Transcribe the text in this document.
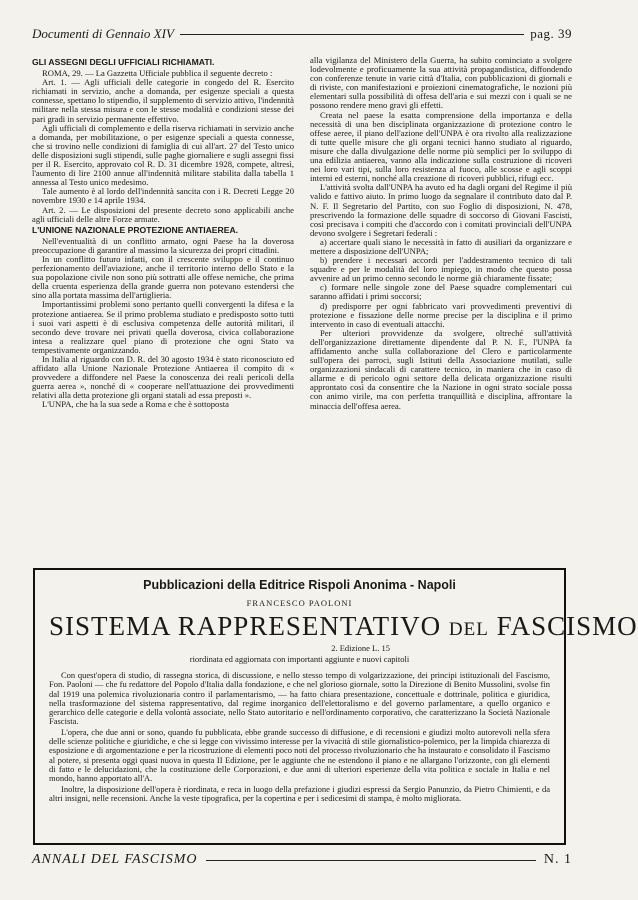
Documenti di Gennaio XIV	pag. 39

GLI ASSEGNI DEGLI UFFICIALI RICHIAMATI.

ROMA, 29. — La Gazzetta Ufficiale pubblica il seguente decreto :

Art. 1. — Agli ufficiali delle categorie in congedo del R. Esercito richiamati in servizio, anche a domanda, per esigenze speciali a questa connesse, spettano lo stipendio, il supplemento di servizio attivo, l'indennità militare nella stessa misura e con le stesse modalità e condizioni stesse dei pari gradi in servizio permanente effettivo.

Agli ufficiali di complemento e della riserva richiamati in servizio anche a domanda, per mobilitazione, o per esigenze speciali a questa connesse, che si trovino nelle condizioni di famiglia di cui all'art. 27 del Testo unico delle disposizioni sugli stipendi, sulle paghe giornaliere e sugli assegni fissi per il R. Esercito, approvato col R. D. 31 dicembre 1928, compete, altresì, l'aumento di lire 2100 annue all'indennità militare stabilita dalla tabella 1 annessa al Testo unico medesimo.

Tale aumento è al lordo dell'indennità sancita con i R. Decreti Legge 20 novembre 1930 e 14 aprile 1934.

Art. 2. — Le disposizioni del presente decreto sono applicabili anche agli ufficiali delle altre Forze armate.

L'UNIONE NAZIONALE PROTEZIONE ANTIAEREA.

Nell'eventualità di un conflitto armato, ogni Paese ha la doverosa preoccupazione di garantire al massimo la sicurezza dei propri cittadini.

In un conflitto futuro infatti, con il crescente sviluppo e il continuo perfezionamento dell'aviazione, anche il territorio interno dello Stato e la sua popolazione civile non sono più sottratti alle offese nemiche, che prima della cruenta esperienza della grande guerra non potevano estendersi che sino alla portata massima dell'artiglieria.

Importantissimi problemi sono pertanto quelli convergenti la difesa e la protezione antiaerea. Se il primo problema studiato e predisposto sotto tutti i suoi vari aspetti è di esclusiva competenza delle autorità militari, il secondo deve trovare nei privati quella doverosa, civica collaborazione intesa a realizzare quel piano di protezione che ogni Stato va tempestivamente organizzando.

In Italia al riguardo con D. R. del 30 agosto 1934 è stato riconosciuto ed affidato alla Unione Nazionale Protezione Antiaerea il compito di « provvedere a diffondere nel Paese la conoscenza dei reali pericoli della guerra aerea », nonché di « cooperare nell'attuazione dei provvedimenti relativi alla detta protezione gli organi statali ad essa preposti ».

L'UNPA, che ha la sua sede a Roma e che è sottoposta

alla vigilanza del Ministero della Guerra, ha subito cominciato a svolgere lodevolmente e proficuamente la sua attività propagandistica, diffondendo con conferenze tenute in varie città d'Italia, con pubblicazioni di giornali e di riviste, con manifestazioni e proiezioni cinematografiche, le nozioni più elementari sulla possibilità di offesa dell'aria e sui mezzi con i quali se ne possono rendere meno gravi gli effetti.

Creata nel paese la esatta comprensione della importanza e della necessità di una ben disciplinata organizzazione di protezione contro le offese aeree, il piano dell'azione dell'UNPA è ora rivolto alla realizzazione di tutte quelle misure che gli organi tecnici hanno studiato al riguardo, misure che dalla divulgazione delle norme più semplici per lo sviluppo di una edilizia antiaerea, vanno alla indicazione sulla costruzione di ricoveri nei loro vari tipi, sulla loro resistenza al fuoco, alle scosse e agli scoppi interni ed esterni, nonché alla creazione di ricoveri pubblici, rifugi ecc.

L'attività svolta dall'UNPA ha avuto ed ha dagli organi del Regime il più valido e fattivo aiuto. In primo luogo da segnalare il contributo dato dal P. N. F. Il Segretario del Partito, con suo Foglio di disposizioni, N. 478, prescrivendo la formazione delle squadre di soccorso di Giovani Fascisti, così precisava i compiti che d'accordo con i comitati provinciali dell'UNPA devono svolgere i Segretari federali :

a) accertare quali siano le necessità in fatto di ausiliari da organizzare e mettere a disposizione dell'UNPA;

b) prendere i necessari accordi per l'addestramento tecnico di tali squadre e per le modalità del loro impiego, in modo che questo possa avvenire ad un primo cenno secondo le norme già chiaramente fissate;

c) formare nelle singole zone del Paese squadre complementari cui saranno affidati i primi soccorsi;

d) predisporre per ogni fabbricato vari provvedimenti preventivi di protezione e fissazione delle norme precise per la disciplina e il primo intervento in caso di eventuali attacchi.

Per ulteriori provvidenze da svolgere, oltreché sull'attività dell'organizzazione direttamente dipendente dal P. N. F., l'UNPA fa affidamento anche sulla collaborazione del Clero e particolarmente sull'opera dei parroci, sugli Istituti della Associazione mutilati, sulle organizzazioni sindacali di carattere tecnico, in maniera che in caso di allarme e di pericolo ogni settore della delicata organizzazione risulti approntato così da consentire che la Nazione in ogni strato sociale possa con animo virile, ma con perfetta tranquillità e disciplina, affrontare la minaccia dell'offesa aerea.

Pubblicazioni della Editrice Rispoli Anonima - Napoli
FRANCESCO PAOLONI
SISTEMA RAPPRESENTATIVO DEL FASCISMO
2. Edizione L. 15
riordinata ed aggiornata con importanti aggiunte e nuovi capitoli

Con quest'opera di studio, di rassegna storica, di discussione, e nello stesso tempo di volgarizzazione, dei principi istituzionali del Fascismo, Fon. Paoloni — che fu redattore del Popolo d'Italia dalla fondazione, e che nel glorioso giornale, sotto la Direzione di Benito Mussolini, svolse fin dal 1919 una polemica rivoluzionaria contro il parlamentarismo, — ha fatto chiara presentazione, concettuale e dottrinale, politica e giuridica, nella trasformazione del sistema rappresentativo, dal regime inorganico dell'elettoralismo e del governo parlamentare, a quello organico e gerarchico delle categorie e della volontà associate, nello Stato autoritario e nell'ordinamento corporativo, che caratterizzano la Società Nazionale Fascista.

L'opera, che due anni or sono, quando fu pubblicata, ebbe grande successo di diffusione, e di recensioni e giudizi molto autorevoli nella sfera delle scienze politiche e giuridiche, e che si legge con vivissimo interesse per la vivacità di stile giornalistico-polemico, per la limpida chiarezza di esposizione e di argomentazione e per la ricostruzione di elementi poco noti del processo rivoluzionario che ha instaurato e consolidato il Fascismo al potere, si presenta oggi quasi nuova in questa II Edizione, per le aggiunte che ne estendono il piano e ne allargano l'orizzonte, con gli elementi di fatto e le delucidazioni, che la costituzione delle Corporazioni, e due anni di ulteriori esperienze della vita politica e sociale in Italia e nel mondo, hanno apportato all'A.

Inoltre, la disposizione dell'opera è riordinata, e reca in luogo della prefazione i giudizi espressi da Sergio Panunzio, da Pietro Chimienti, e da altri insigni, nelle recensioni. Anche la veste tipografica, per la copertina e per i sedicesimi di stampa, è molto migliorata.

ANNALI DEL FASCISMO	N. 1
